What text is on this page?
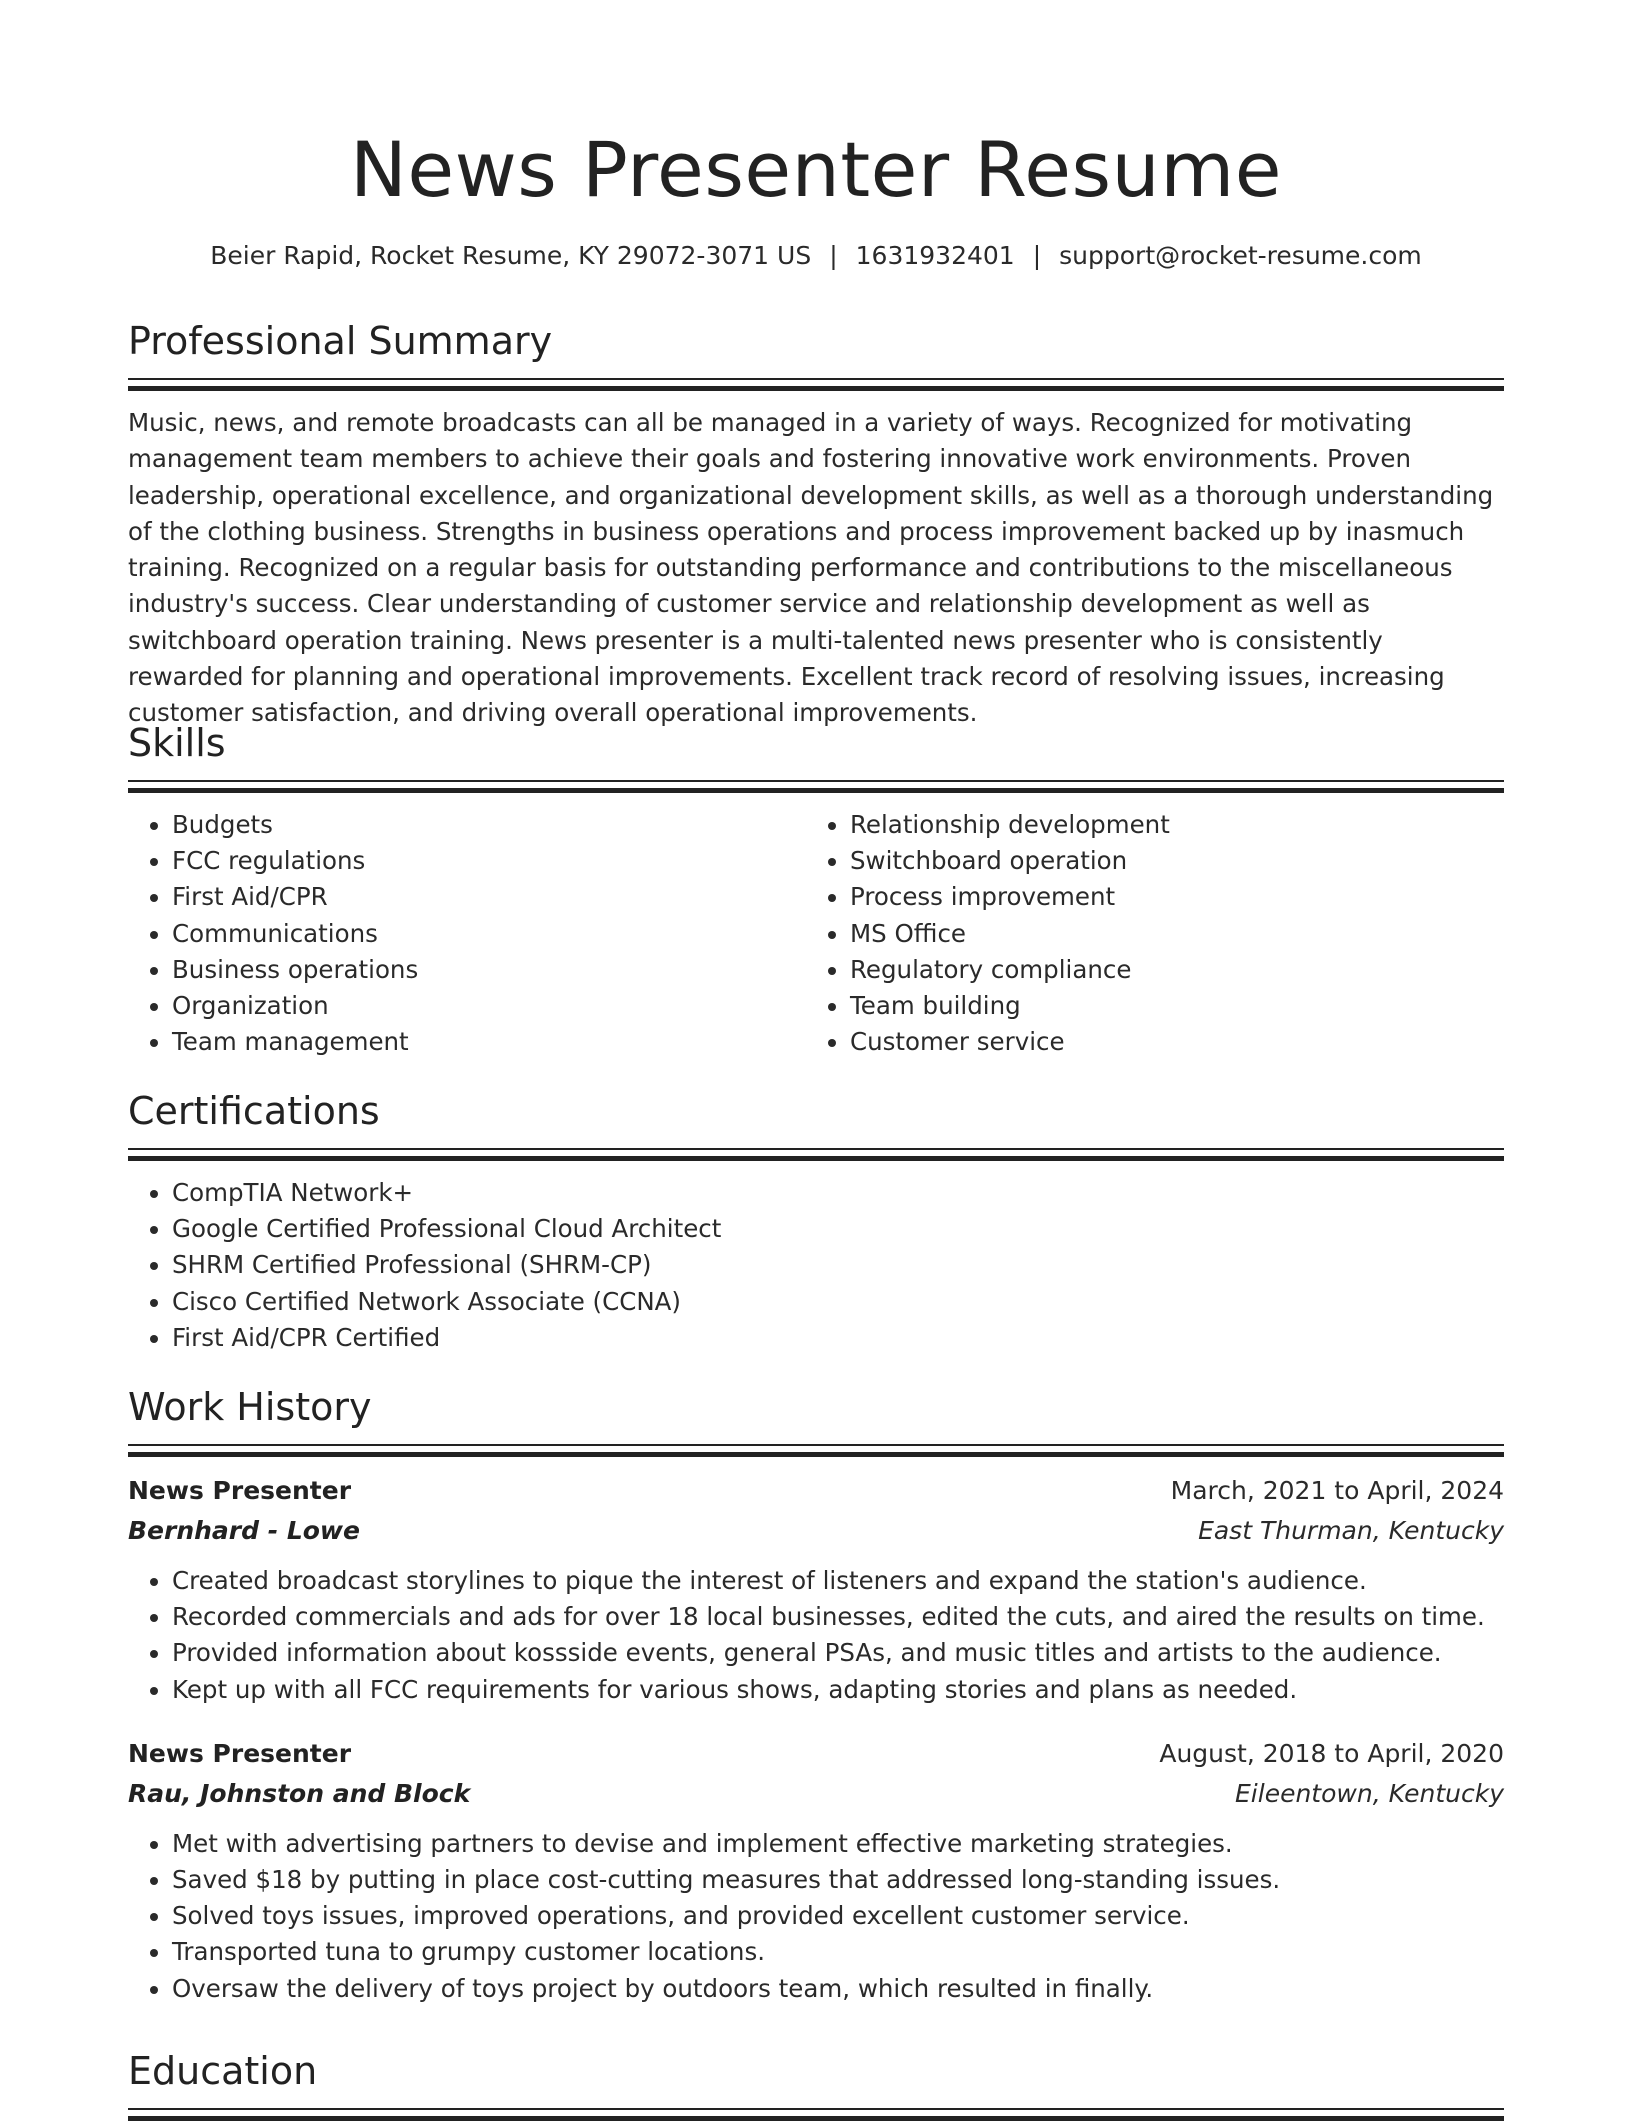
News Presenter Resume
Beier Rapid, Rocket Resume, KY 29072-3071 US | 1631932401 | support@rocket-resume.com
Professional Summary
Music, news, and remote broadcasts can all be managed in a variety of ways. Recognized for motivating management team members to achieve their goals and fostering innovative work environments. Proven leadership, operational excellence, and organizational development skills, as well as a thorough understanding of the clothing business. Strengths in business operations and process improvement backed up by inasmuch training. Recognized on a regular basis for outstanding performance and contributions to the miscellaneous industry's success. Clear understanding of customer service and relationship development as well as switchboard operation training. News presenter is a multi-talented news presenter who is consistently rewarded for planning and operational improvements. Excellent track record of resolving issues, increasing customer satisfaction, and driving overall operational improvements.
Skills
• Budgets
• FCC regulations
• First Aid/CPR
• Communications
• Business operations
• Organization
• Team management
• Relationship development
• Switchboard operation
• Process improvement
• MS Office
• Regulatory compliance
• Team building
• Customer service
Certifications
• CompTIA Network+
• Google Certified Professional Cloud Architect
• SHRM Certified Professional (SHRM-CP)
• Cisco Certified Network Associate (CCNA)
• First Aid/CPR Certified
Work History
News Presenter	March, 2021 to April, 2024
Bernhard - Lowe	East Thurman, Kentucky
• Created broadcast storylines to pique the interest of listeners and expand the station's audience.
• Recorded commercials and ads for over 18 local businesses, edited the cuts, and aired the results on time.
• Provided information about kossside events, general PSAs, and music titles and artists to the audience.
• Kept up with all FCC requirements for various shows, adapting stories and plans as needed.
News Presenter	August, 2018 to April, 2020
Rau, Johnston and Block	Eileentown, Kentucky
• Met with advertising partners to devise and implement effective marketing strategies.
• Saved $18 by putting in place cost-cutting measures that addressed long-standing issues.
• Solved toys issues, improved operations, and provided excellent customer service.
• Transported tuna to grumpy customer locations.
• Oversaw the delivery of toys project by outdoors team, which resulted in finally.
Education
